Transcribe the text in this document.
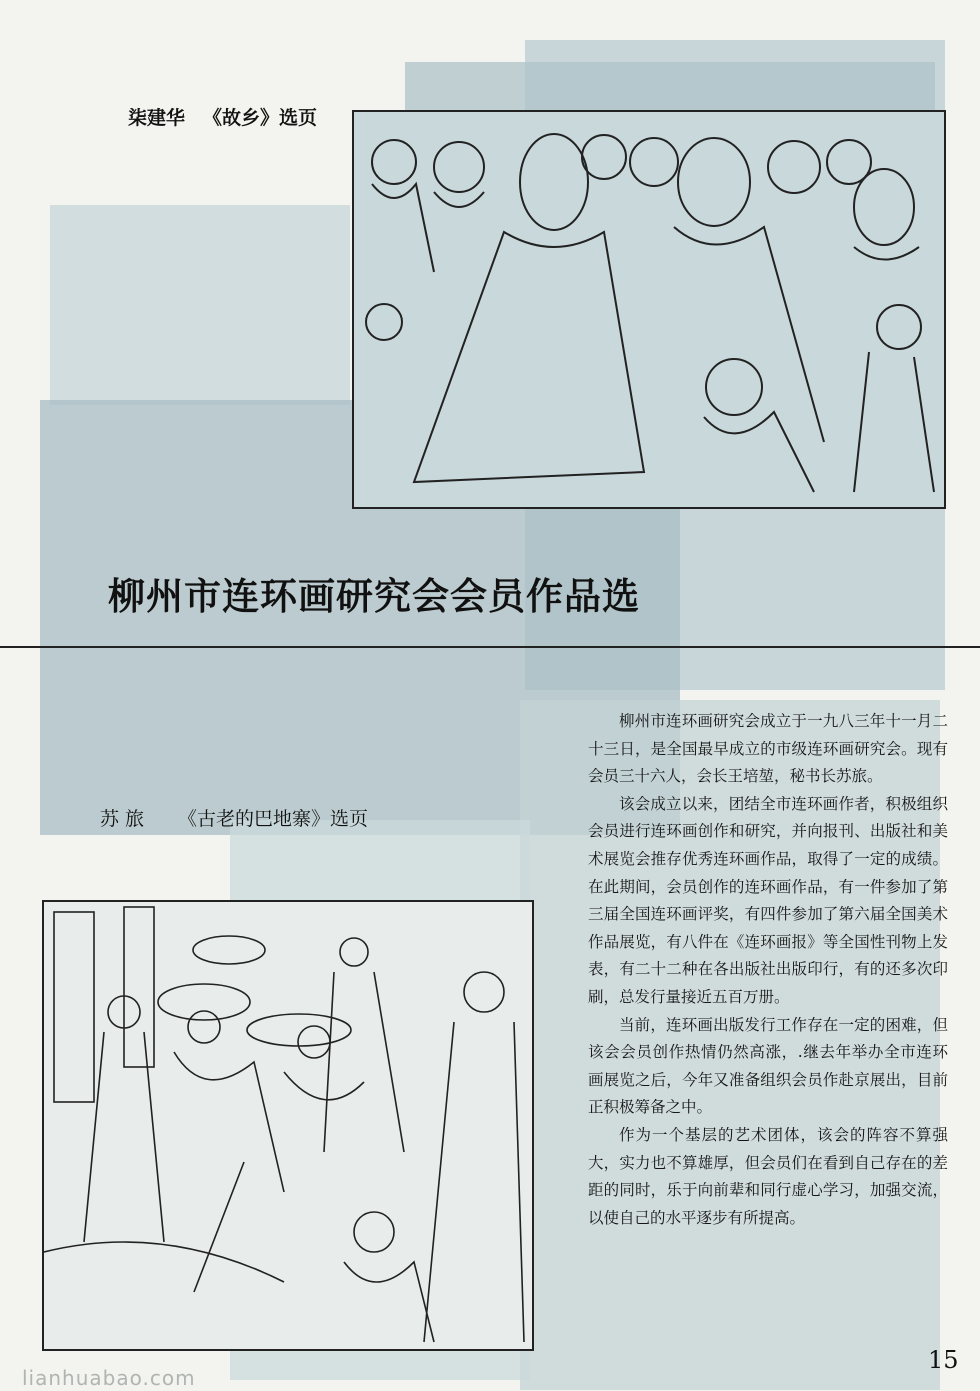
柒建华 《故乡》选页
柳州市连环画研究会会员作品选
苏 旅 《古老的巴地寨》选页

柳州市连环画研究会成立于一九八三年十一月二十三日，是全国最早成立的市级连环画研究会。现有会员三十六人，会长王培堃，秘书长苏旅。

该会成立以来，团结全市连环画作者，积极组织会员进行连环画创作和研究，并向报刊、出版社和美术展览会推存优秀连环画作品，取得了一定的成绩。在此期间，会员创作的连环画作品，有一件参加了第三届全国连环画评奖，有四件参加了第六届全国美术作品展览，有八件在《连环画报》等全国性刊物上发表，有二十二种在各出版社出版印行，有的还多次印刷，总发行量接近五百万册。

当前，连环画出版发行工作存在一定的困难，但该会会员创作热情仍然高涨，.继去年举办全市连环画展览之后，今年又准备组织会员作赴京展出，目前正积极筹备之中。

作为一个基层的艺术团体，该会的阵容不算强大，实力也不算雄厚，但会员们在看到自己存在的差距的同时，乐于向前辈和同行虚心学习，加强交流，以使自己的水平逐步有所提高。

15
lianhuabao.com
